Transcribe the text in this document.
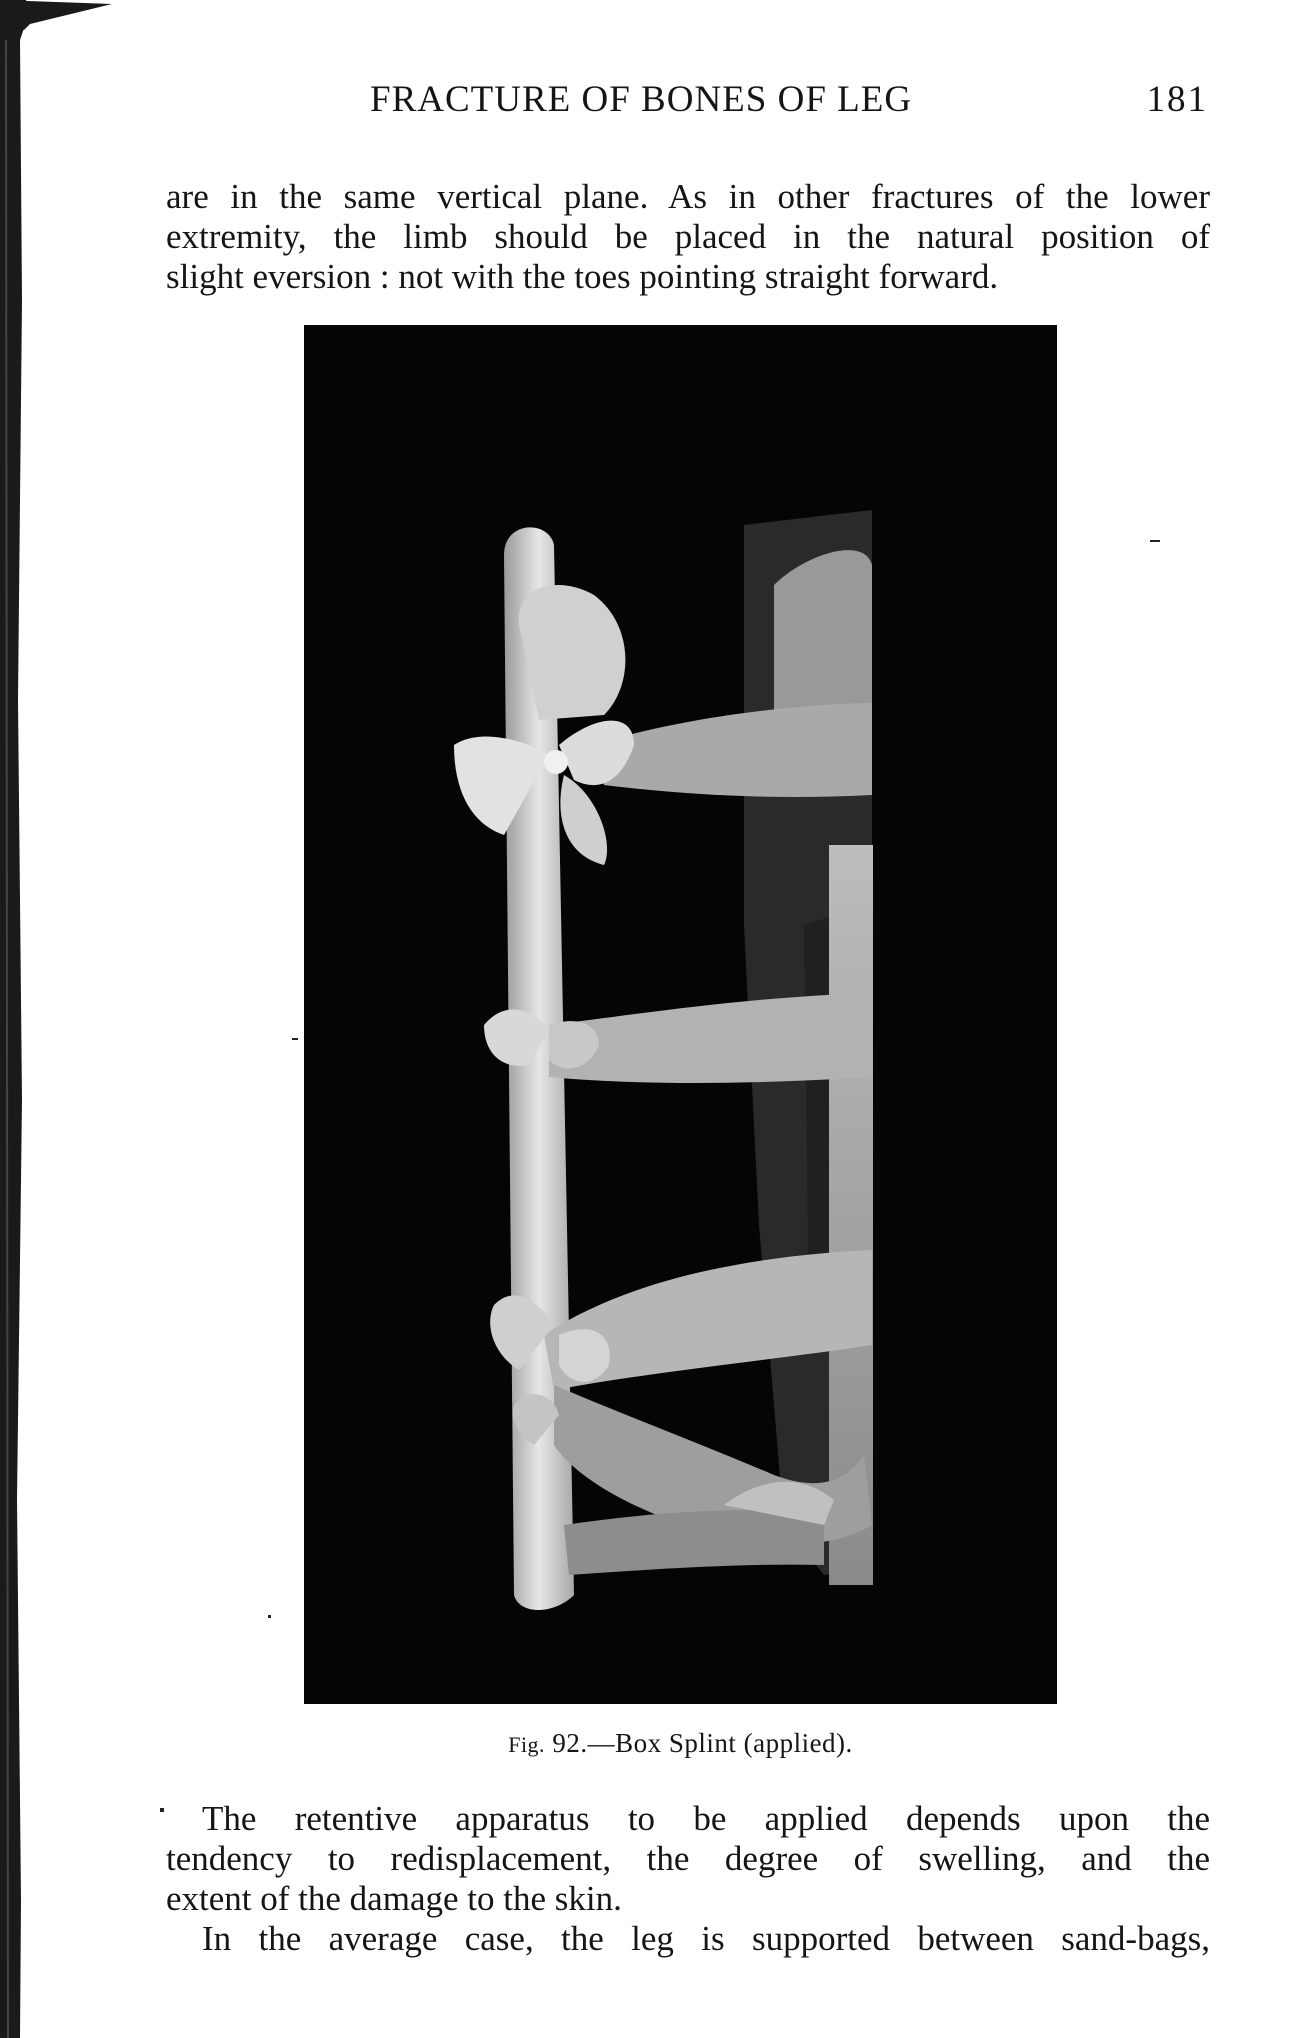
FRACTURE OF BONES OF LEG	181
are in the same vertical plane. As in other fractures of the lower
extremity, the limb should be placed in the natural position of
slight eversion : not with the toes pointing straight forward.
Fig. 92.—Box Splint (applied).
The retentive apparatus to be applied depends upon the
tendency to redisplacement, the degree of swelling, and the
extent of the damage to the skin.
In the average case, the leg is supported between sand-bags,
